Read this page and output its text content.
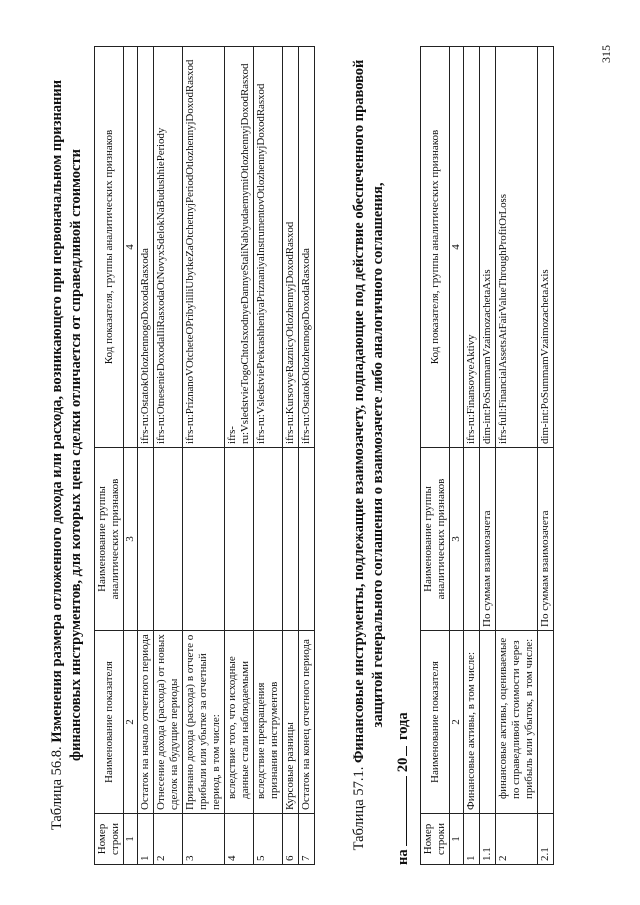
315

Таблица 56.8. Изменения размера отложенного дохода или расхода, возникающего при первоначальном признании финансовых инструментов, для которых цена сделки отличается от справедливой стоимости

Номер строки	Наименование показателя	Наименование группы аналитических признаков	Код показателя, группы аналитических признаков
1	2	3	4
1	Остаток на начало отчетного периода		ifrs-ru:OstatokOtlozhennogoDoxodaRasxoda
2	Отнесение дохода (расхода) от новых сделок на будущие периоды		ifrs-ru:OtnesenieDoxodaIliRasxodaOtNovyxSdelokNaBudushhiePeriody
3	Признано дохода (расхода) в отчете о прибыли или убытке за отчетный период, в том числе:		ifrs-ru:PriznanoVOtcheteOPribylilliUbytkeZaOtchetnyjPeriodOtlozhennyjDoxodRasxod
4	вследствие того, что исходные данные стали наблюдаемыми		ifrs-ru:VsledstvieTogoChtoIsxodnyeDannyeStaliNablyudaemymiOtlozhennyjDoxodRasxod
5	вследствие прекращения признания инструментов		ifrs-ru:VsledstviePrekrashheniyaPriznaniyaInstrumentovOtlozhennyjDoxodRasxod
6	Курсовые разницы		ifrs-ru:KursovyeRaznicyOtlozhennyjDoxodRasxod
7	Остаток на конец отчетного периода		ifrs-ru:OstatokOtlozhennogoDoxodaRasxoda

Таблица 57.1. Финансовые инструменты, подлежащие взаимозачету, подпадающие под действие обеспеченного правовой защитой генерального соглашения о взаимозачете либо аналогичного соглашения,

на  20 года
Номер строки	Наименование показателя	Наименование группы аналитических признаков	Код показателя, группы аналитических признаков
1	2	3	4
1	Финансовые активы, в том числе:		ifrs-ru:FinansovyeAktivy
1.1		По суммам взаимозачета	dim-int:PoSummamVzaimozachetaAxis
2	финансовые активы, оцениваемые по справедливой стоимости через прибыль или убыток, в том числе:		ifrs-full:FinancialAssetsAtFairValueThroughProfitOrLoss
2.1		По суммам взаимозачета	dim-int:PoSummamVzaimozachetaAxis
